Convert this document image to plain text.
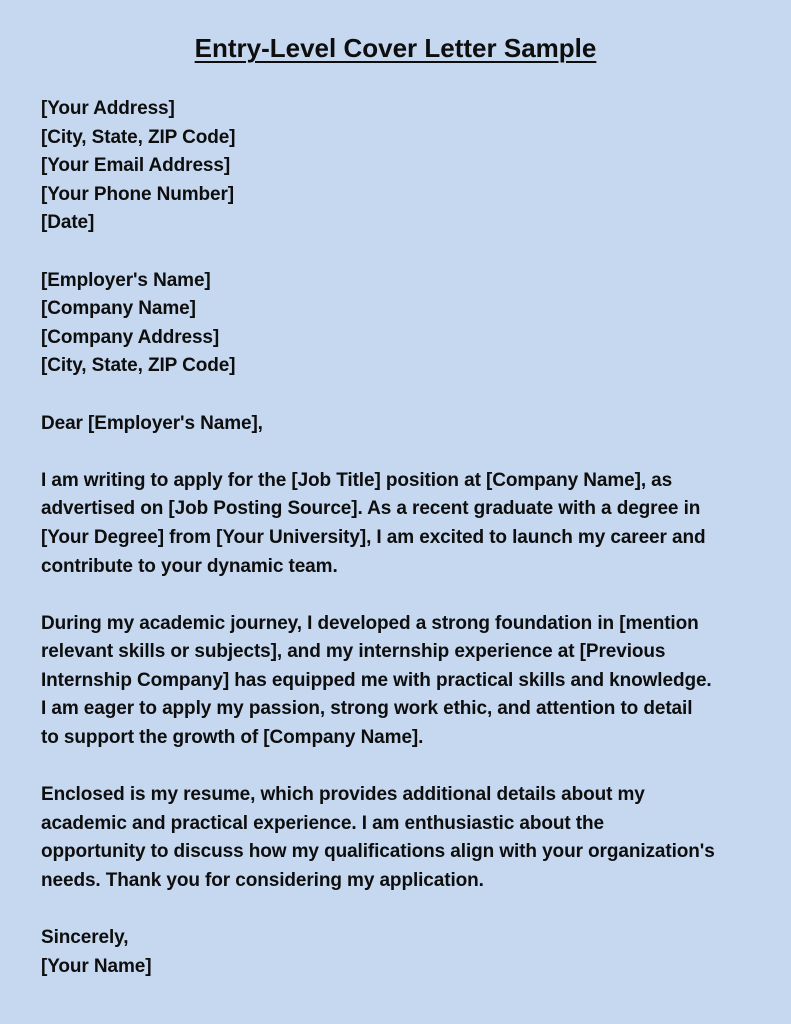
Entry-Level Cover Letter Sample
[Your Address]
[City, State, ZIP Code]
[Your Email Address]
[Your Phone Number]
[Date]
[Employer's Name]
[Company Name]
[Company Address]
[City, State, ZIP Code]
Dear [Employer's Name],
I am writing to apply for the [Job Title] position at [Company Name], as
advertised on [Job Posting Source]. As a recent graduate with a degree in
[Your Degree] from [Your University], I am excited to launch my career and
contribute to your dynamic team.
During my academic journey, I developed a strong foundation in [mention
relevant skills or subjects], and my internship experience at [Previous
Internship Company] has equipped me with practical skills and knowledge.
I am eager to apply my passion, strong work ethic, and attention to detail
to support the growth of [Company Name].
Enclosed is my resume, which provides additional details about my
academic and practical experience. I am enthusiastic about the
opportunity to discuss how my qualifications align with your organization's
needs. Thank you for considering my application.
Sincerely,
[Your Name]
